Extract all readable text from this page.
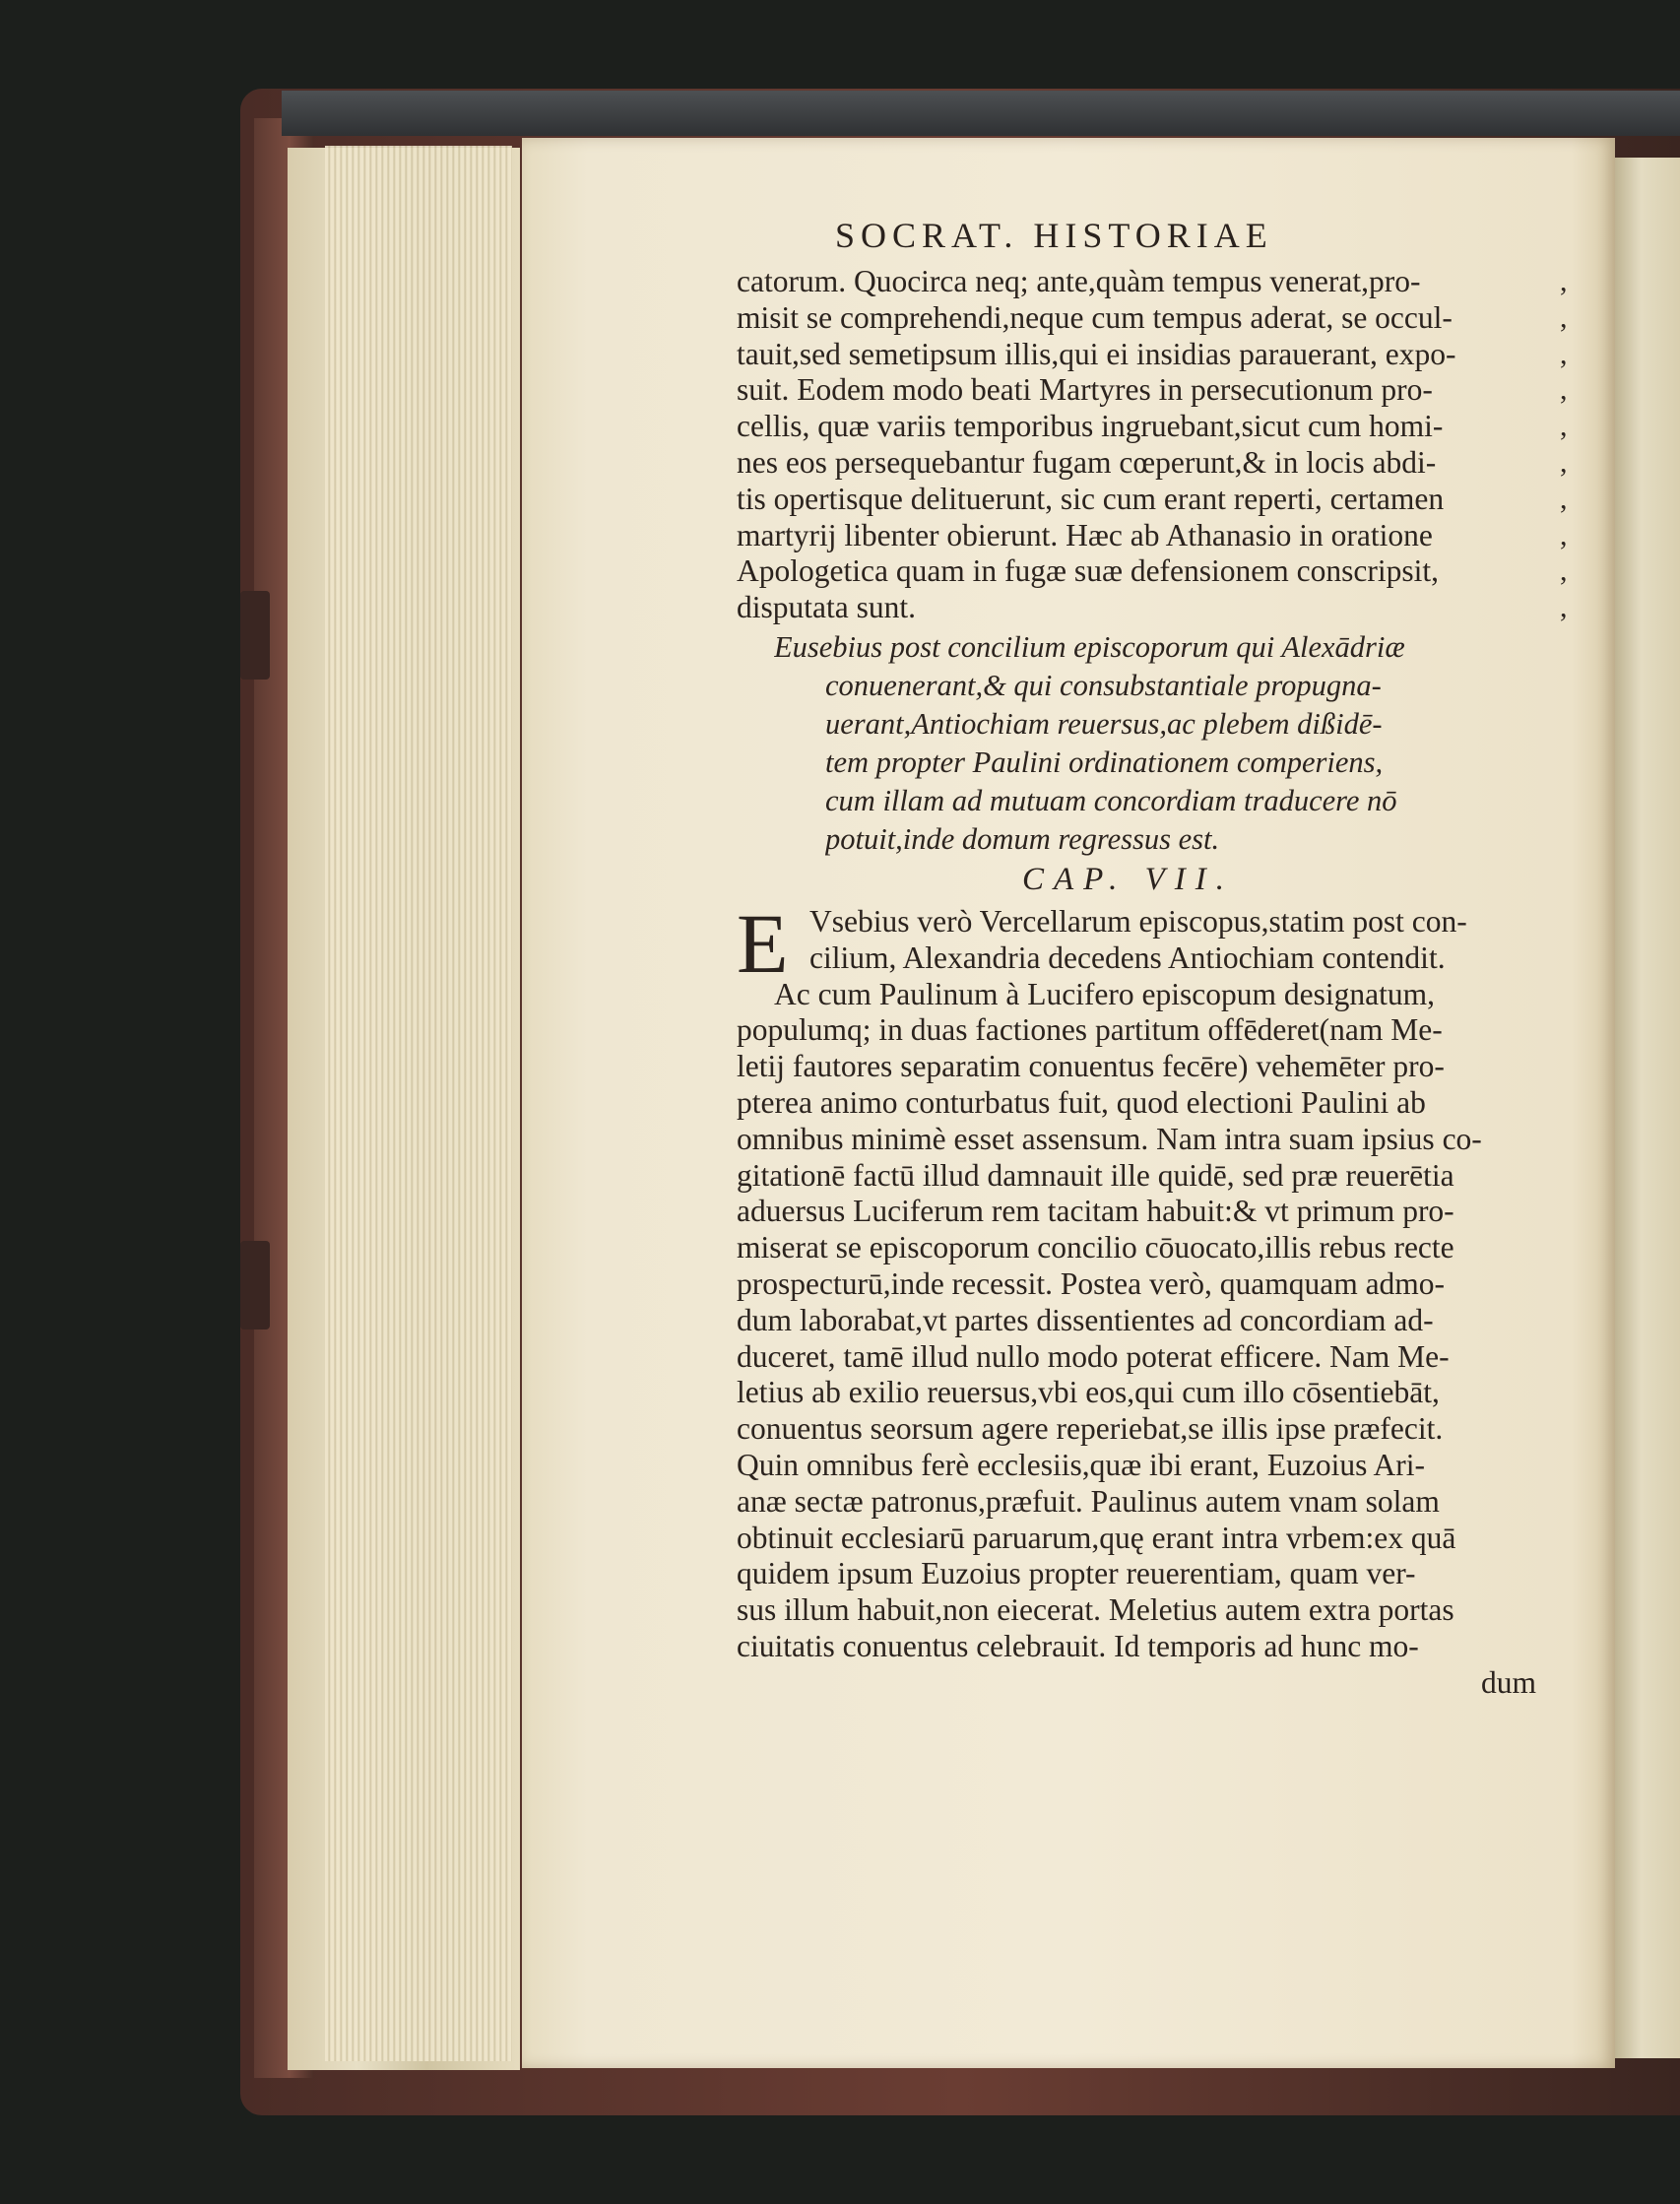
SOCRAT. HISTORIAE
catorum. Quocirca neq; ante,quàm tempus venerat,pro-
misit se comprehendi,neque cum tempus aderat, se occul-
tauit,sed semetipsum illis,qui ei insidias parauerant, expo-
suit. Eodem modo beati Martyres in persecutionum pro-
cellis, quæ variis temporibus ingruebant,sicut cum homi-
nes eos persequebantur fugam cœperunt,& in locis abdi-
tis opertisque delituerunt, sic cum erant reperti, certamen
martyrij libenter obierunt. Hæc ab Athanasio in oratione
Apologetica quam in fugæ suæ defensionem conscripsit,
disputata sunt.
Eusebius post concilium episcoporum qui Alexādriæ
conuenerant,& qui consubstantiale propugna-
uerant,Antiochiam reuersus,ac plebem dißidē-
tem propter Paulini ordinationem comperiens,
cum illam ad mutuam concordiam traducere nō
potuit,inde domum regressus est.
CAP. VII.
E Vsebius verò Vercellarum episcopus,statim post con-
cilium, Alexandria decedens Antiochiam contendit.
Ac cum Paulinum à Lucifero episcopum designatum,
populumq; in duas factiones partitum offēderet(nam Me-
letij fautores separatim conuentus fecēre) vehemēter pro-
pterea animo conturbatus fuit, quod electioni Paulini ab
omnibus minimè esset assensum. Nam intra suam ipsius co-
gitationē factū illud damnauit ille quidē, sed præ reuerētia
aduersus Luciferum rem tacitam habuit:& vt primum pro-
miserat se episcoporum concilio cōuocato,illis rebus recte
prospecturū,inde recessit. Postea verò, quamquam admo-
dum laborabat,vt partes dissentientes ad concordiam ad-
duceret, tamē illud nullo modo poterat efficere. Nam Me-
letius ab exilio reuersus,vbi eos,qui cum illo cōsentiebāt,
conuentus seorsum agere reperiebat,se illis ipse præfecit.
Quin omnibus ferè ecclesiis,quæ ibi erant, Euzoius Ari-
anæ sectæ patronus,præfuit. Paulinus autem vnam solam
obtinuit ecclesiarū paruarum,quę erant intra vrbem:ex quā
quidem ipsum Euzoius propter reuerentiam, quam ver-
sus illum habuit,non eiecerat. Meletius autem extra portas
ciuitatis conuentus celebrauit. Id temporis ad hunc mo-
dum
,
,
,
,
,
,
,
,
,
,
